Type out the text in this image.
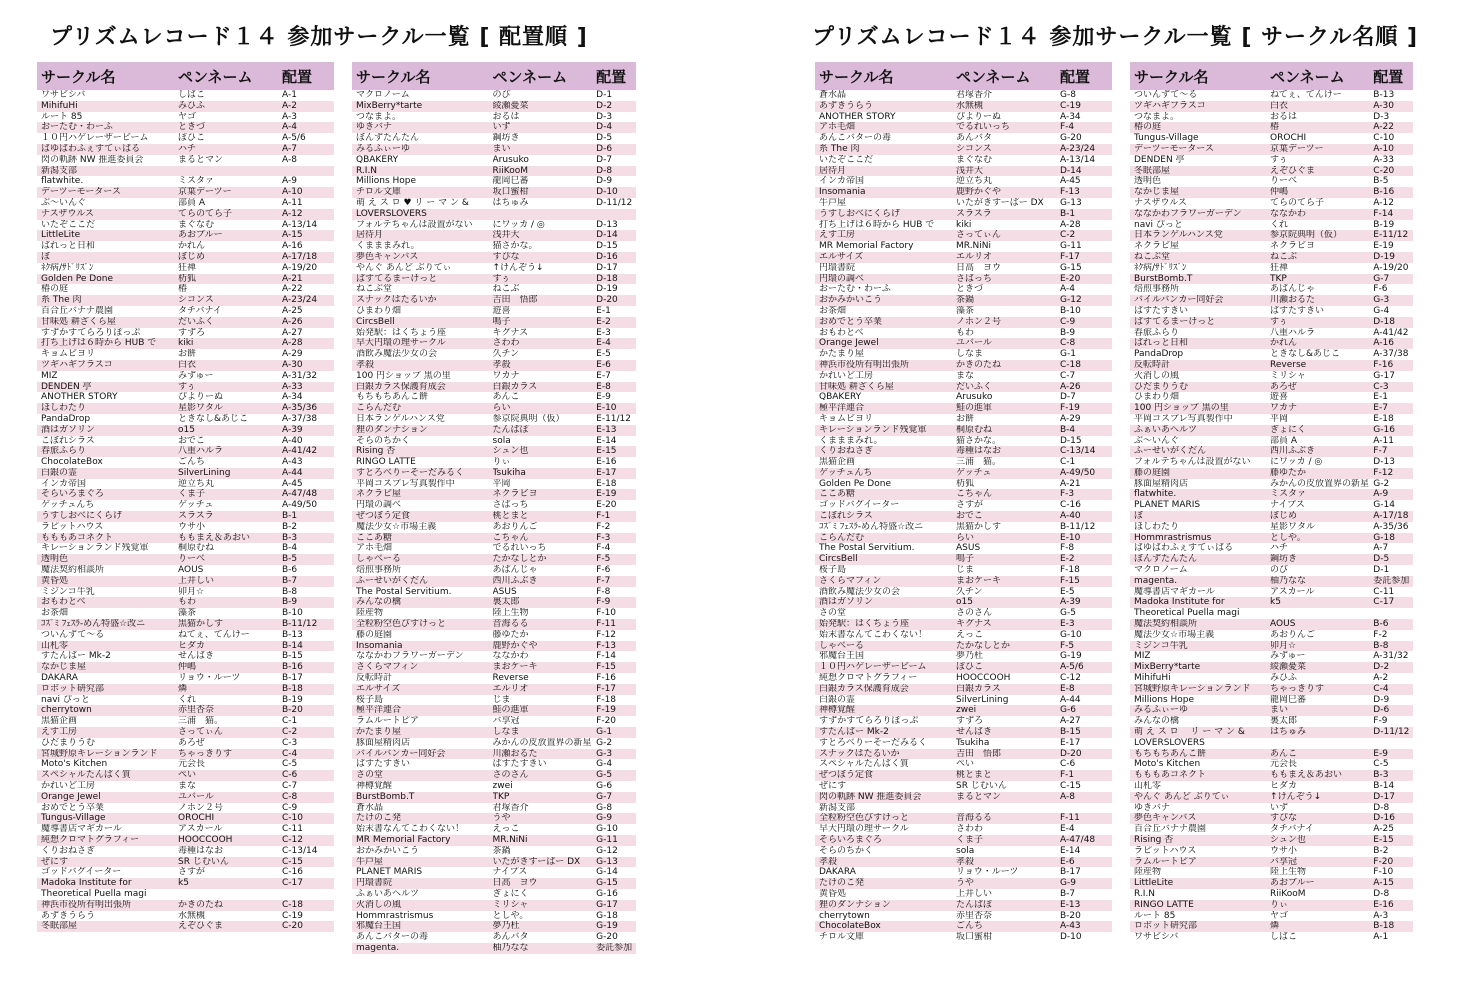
プリズムレコード１４ 参加サークル一覧 [ 配置順 ]	プリズムレコード１４ 参加サークル一覧 [ サークル名順 ]
サークル名	ペンネーム	配置
ワサビシバ	しばこ	A-1
MihifuHi	みひふ	A-2
ルート 85	ヤゴ	A-3
おーたむ・わーふ	ときづ	A-4
１０円ハゲレーザービーム	ぽひこ	A-5/6
ばゆばわふぇすてぃばる	ハチ	A-7
閃の軌跡 NW 推進委員会	まるとマン	A-8
新潟支部
flatwhite.	ミスタァ	A-9
デーツーモータース	京葉デーツー	A-10
ぶ〜いんぐ	部員 A	A-11
ナスザウルス	てらのてら子	A-12
いたぞここだ	まぐなむ	A-13/14
LittleLite	あおブルー	A-15
ぱれっと日和	かれん	A-16
ぼ	ぼじめ	A-17/18
ﾈｸ病/ｻﾄﾞﾘｽﾞﾝ	狂禅	A-19/20
Golden Pe Done	杤狐	A-21
椿の庭	椿	A-22
糸 The 肉	シコンス	A-23/24
百合丘バナナ農園	タチバナイ	A-25
甘味処 耕ざくら屋	だいふく	A-26
すずかすてらろりぽっぷ	すずろ	A-27
打ち上げは６時から HUB で	kiki	A-28
キョムビヨリ	お餅	A-29
ツギハギフラスコ	白衣	A-30
MIZ	みずゅー	A-31/32
DENDEN 亭	すぅ	A-33
ANOTHER STORY	ぴよりーぬ	A-34
ほしわたり	星影ワタル	A-35/36
PandaDrop	ときなし&あじこ	A-37/38
酒はガソリン	o15	A-39
こぼれシラス	おでこ	A-40
春旅ふらり	八重ハルラ	A-41/42
ChocolateBox	ごんち	A-43
白銀の霊	SilverLining	A-44
インカ帝国	逆立ち丸	A-45
そらいろまぐろ	くま子	A-47/48
ゲッチュんち	ゲッチュ	A-49/50
うすしおべにくらげ	スラスラ	B-1
ラピットハウス	ウサ小	B-2
もももあコネクト	ももまえ＆あおい	B-3
キレーションランド残覚軍	桐原むね	B-4
透明色	りーべ	B-5
魔法契約相談所	AOUS	B-6
黄昏処	上井しい	B-7
ミジンコ牛乳	卯月☆	B-8
おもわとべ	もわ	B-9
お茶畑	藻茶	B-10
ｺｽﾞﾐ ﾌｪｽﾗ-めん特盛☆改ニ	黒猫かしす	B-11/12
ついんずて〜る	ねてぇ、てんけー	B-13
山札零	ヒダカ	B-14
すたんぱー Mk-2	せんばき	B-15
なかじま屋	仲嶋	B-16
DAKARA	リョウ・ルーツ	B-17
ロボット研究部	燐	B-18
navi ぴっと	くれ	B-19
cherrytown	赤里杏奈	B-20
黒猫企画	三浦　猫。	C-1
えす工房	さってぃん	C-2
ひだまりうむ	あろぜ	C-3
宮城野原キレーションランド	ちゃっきりす	C-4
Moto's Kitchen	元会長	C-5
スペシャルたんぱく質	ぺい	C-6
かれいど工房	まな	C-7
Orange Jewel	ユバール	C-8
おめでとう卒業	ノホン２号	C-9
Tungus-Village	OROCHI	C-10
魔導書店マギカール	アスカール	C-11
純想クロマトグラフィー	HOOCCOOH	C-12
くりおねさぎ	毒種はなお	C-13/14
ぜにす	SR じむいん	C-15
ゴッドバグイーター	さすが	C-16
Madoka Institute for	k5	C-17
Theoretical Puella magi
神浜市役所有明出張所	かきのたね	C-18
あずきうらう	水無槻	C-19
冬眠部屋	えぞひぐま	C-20
サークル名	ペンネーム	配置
マクロノーム	のび	D-1
MixBerry*tarte	綾瀬憂菜	D-2
つなまよ。	おるは	D-3
ゆきバナ	いず	D-4
ぼんずたんたん	鋼坊き	D-5
みるふぃーゆ	まい	D-6
QBAKERY	Arusuko	D-7
R.I.N	RiiKooM	D-8
Millions Hope	龍岡巳蕃	D-9
チロル文庫	坂口蜜柑	D-10
萌 え ス ロ ♥ リ ー マ ン &	はちゅみ	D-11/12
LOVERSLOVERS
フォルテちゃんは設置がない	にワッカ / ◎	D-13
居待月	浅井大	D-14
くまままみれ。	猫さかな。	D-15
夢色キャンバス	すぴな	D-16
やんぐ あんど ぶりてぃ	↑けんぞう↓	D-17
ぱすてるまーけっと	すぅ	D-18
ねこぶ堂	ねこぶ	D-19
スナックはたるいか	吉田　悟郎	D-20
ひまわり畑	遊喜	E-1
CircsBell	鳴子	E-2
始発駅：はくちょう座	キグナス	E-3
早大円環の理サークル	さわわ	E-4
酒飲み魔法少女の会	久チン	E-5
孝殺	孝殺	E-6
100 円ショップ 黒の里	ワカナ	E-7
白銀カラス保護育成会	白銀カラス	E-8
もちもちあんこ餅	あんこ	E-9
こらんだむ	らい	E-10
日本ランゲルハンス党	参京院典明（仮）	E-11/12
狸のダンナション	たんぱぽ	E-13
そらのちかく	sola	E-14
Rising 杏	シュン也	E-15
RINGO LATTE	りぃ	E-16
すとろべりーそーだみるく	Tsukiha	E-17
平岡コスプレ写真製作中	平岡	E-18
ネクラビ屋	ネクラビヨ	E-19
円環の調べ	さばっち	E-20
ぜつぼう定食	桃とまと	F-1
魔法少女☆市場主義	あおりんご	F-2
ここあ糖	こちゃん	F-3
アホ毛畑	でるれいっち	F-4
しゃべーる	たかなしとか	F-5
焙煎事務所	あぱんじゃ	F-6
ふーせいがくだん	西川ふぶき	F-7
The Postal Servitium.	ASUS	F-8
みんなの檎	裏太郎	F-9
陸産物	陸上生物	F-10
全粒粉空色びすけっと	音海るる	F-11
藤の庭園	藤ゆたか	F-12
Insomania	鹿野かぐや	F-13
ななかわフラワーガーデン	ななかわ	F-14
さくらマフィン	まおケーキ	F-15
反転時計	Reverse	F-16
エルサイズ	エルリオ	F-17
桜子島	じま	F-18
極平洋連合	鮭の進軍	F-19
ラムルートピア	バ享冠	F-20
かたまり屋	しなま	G-1
豚面屋精肉店	みかんの皮放置界の新星 G-2
バイルバンカー同好会	川瀬おるた	G-3
ぱすたすきい	ぱすたすきい	G-4
さの堂	さのさん	G-5
神樽覚醒	zwei	G-6
BurstBomb.T	TKP	G-7
蒼水晶	君塚香介	G-8
たけのこ発	うや	G-9
始末書なんてこわくない！	えっこ	G-10
MR Memorial Factory	MR.NiNi	G-11
おかみかいこう	茶鍋	G-12
牛戸屋	いたがきすーぱー DX	G-13
PLANET MARIS	ナイプス	G-14
円環書院	日高　ヨウ	G-15
ふぁいあヘルツ	ぎょにく	G-16
火消しの風	ミリシャ	G-17
Hommrastrismus	としや。	G-18
邪魔台王国	夢乃杜	G-19
あんこバターの毒	あんバタ	G-20
magenta.	柚乃なな	委託参加
サークル名	ペンネーム	配置
蒼水晶	君塚香介	G-8
あずきうらう	水無槻	C-19
ANOTHER STORY	ぴよりーぬ	A-34
アホ毛畑	でるれいっち	F-4
あんこバターの毒	あんバタ	G-20
糸 The 肉	シコンス	A-23/24
いたぞここだ	まぐなむ	A-13/14
居待月	浅井大	D-14
インカ帝国	逆立ち丸	A-45
Insomania	鹿野かぐや	F-13
牛戸屋	いたがきすーぱー DX	G-13
うすしおべにくらげ	スラスラ	B-1
打ち上げは６時から HUB で	kiki	A-28
えす工房	さってぃん	C-2
MR Memorial Factory	MR.NiNi	G-11
エルサイズ	エルリオ	F-17
円環書院	日高　ヨウ	G-15
円環の調べ	さばっち	E-20
おーたむ・わーふ	ときづ	A-4
おかみかいこう	茶鍋	G-12
お茶畑	藻茶	B-10
おめでとう卒業	ノホン２号	C-9
おもわとべ	もわ	B-9
Orange Jewel	ユバール	C-8
かたまり屋	しなま	G-1
神浜市役所有明出張所	かきのたね	C-18
かれいど工房	まな	C-7
甘味処 耕ざくら屋	だいふく	A-26
QBAKERY	Arusuko	D-7
極平洋連合	鮭の進軍	F-19
キョムビヨリ	お餅	A-29
キレーションランド残覚軍	桐原むね	B-4
くまままみれ。	猫さかな。	D-15
くりおねさぎ	毒種はなお	C-13/14
黒猫企画	三浦　猫。	C-1
ゲッチュんち	ゲッチュ	A-49/50
Golden Pe Done	杤狐	A-21
ここあ糖	こちゃん	F-3
ゴッドバグイーター	さすが	C-16
こぼれシラス	おでこ	A-40
ｺｽﾞﾐ ﾌｪｽﾗ-めん特盛☆改ニ	黒猫かしす	B-11/12
こらんだむ	らい	E-10
The Postal Servitium.	ASUS	F-8
CircsBell	鳴子	E-2
桜子島	じま	F-18
さくらマフィン	まおケーキ	F-15
酒飲み魔法少女の会	久チン	E-5
酒はガソリン	o15	A-39
さの堂	さのさん	G-5
始発駅：はくちょう座	キグナス	E-3
始末書なんてこわくない！	えっこ	G-10
しゃべーる	たかなしとか	F-5
邪魔台王国	夢乃杜	G-19
１０円ハゲレーザービーム	ぽひこ	A-5/6
純想クロマトグラフィー	HOOCCOOH	C-12
白銀カラス保護育成会	白銀カラス	E-8
白銀の霊	SilverLining	A-44
神樽覚醒	zwei	G-6
すずかすてらろりぽっぷ	すずろ	A-27
すたんぱー Mk-2	せんばき	B-15
すとろべりーそーだみるく	Tsukiha	E-17
スナックはたるいか	吉田　悟郎	D-20
スペシャルたんぱく質	ぺい	C-6
ぜつぼう定食	桃とまと	F-1
ぜにす	SR じむいん	C-15
閃の軌跡 NW 推進委員会	まるとマン	A-8
新潟支部
全粒粉空色びすけっと	音海るる	F-11
早大円環の理サークル	さわわ	E-4
そらいろまぐろ	くま子	A-47/48
そらのちかく	sola	E-14
孝殺	孝殺	E-6
DAKARA	リョウ・ルーツ	B-17
たけのこ発	うや	G-9
黄昏処	上井しい	B-7
狸のダンナション	たんぱぽ	E-13
cherrytown	赤里杏奈	B-20
ChocolateBox	ごんち	A-43
チロル文庫	坂口蜜柑	D-10
サークル名	ペンネーム	配置
ついんずて〜る	ねてぇ、てんけー	B-13
ツギハギフラスコ	白衣	A-30
つなまよ。	おるは	D-3
椿の庭	椿	A-22
Tungus-Village	OROCHI	C-10
デーツーモータース	京葉デーツー	A-10
DENDEN 亭	すぅ	A-33
冬眠部屋	えぞひぐま	C-20
透明色	りーべ	B-5
なかじま屋	仲嶋	B-16
ナスザウルス	てらのてら子	A-12
ななかわフラワーガーデン	ななかわ	F-14
navi ぴっと	くれ	B-19
日本ランゲルハンス党	参京院典明（仮）	E-11/12
ネクラビ屋	ネクラビヨ	E-19
ねこぶ堂	ねこぶ	D-19
ﾈｸ病/ｻﾄﾞﾘｽﾞﾝ	狂禅	A-19/20
BurstBomb.T	TKP	G-7
焙煎事務所	あぱんじゃ	F-6
バイルバンカー同好会	川瀬おるた	G-3
ぱすたすきい	ぱすたすきい	G-4
ぱすてるまーけっと	すぅ	D-18
春旅ふらり	八重ハルラ	A-41/42
ぱれっと日和	かれん	A-16
PandaDrop	ときなし&あじこ	A-37/38
反転時計	Reverse	F-16
火消しの風	ミリシャ	G-17
ひだまりうむ	あろぜ	C-3
ひまわり畑	遊喜	E-1
100 円ショップ 黒の里	ワカナ	E-7
平岡コスプレ写真製作中	平岡	E-18
ふぁいあヘルツ	ぎょにく	G-16
ぶ〜いんぐ	部員 A	A-11
ふーせいがくだん	西川ふぶき	F-7
フォルテちゃんは設置がない	にワッカ / ◎	D-13
藤の庭園	藤ゆたか	F-12
豚面屋精肉店	みかんの皮放置界の新星 G-2
flatwhite.	ミスタァ	A-9
PLANET MARIS	ナイプス	G-14
ぼ	ぼじめ	A-17/18
ほしわたり	星影ワタル	A-35/36
Hommrastrismus	としや。	G-18
ばゆばわふぇすてぃばる	ハチ	A-7
ぼんずたんたん	鋼坊き	D-5
マクロノーム	のび	D-1
magenta.	柚乃なな	委託参加
魔導書店マギカール	アスカール	C-11
Madoka Institute for	k5	C-17
Theoretical Puella magi
魔法契約相談所	AOUS	B-6
魔法少女☆市場主義	あおりんご	F-2
ミジンコ牛乳	卯月☆	B-8
MIZ	みずゅー	A-31/32
MixBerry*tarte	綾瀬憂菜	D-2
MihifuHi	みひふ	A-2
宮城野原キレーションランド	ちゃっきりす	C-4
Millions Hope	龍岡巳蕃	D-9
みるふぃーゆ	まい	D-6
みんなの檎	裏太郎	F-9
萌 え ス ロ　 リ ー マ ン &	はちゅみ	D-11/12
LOVERSLOVERS
もちもちあんこ餅	あんこ	E-9
Moto's Kitchen	元会長	C-5
もももあコネクト	ももまえ＆あおい	B-3
山札零	ヒダカ	B-14
やんぐ あんど ぶりてぃ	↑けんぞう↓	D-17
ゆきバナ	いず	D-8
夢色キャンバス	すぴな	D-16
百合丘バナナ農園	タチバナイ	A-25
Rising 杏	シュン也	E-15
ラピットハウス	ウサ小	B-2
ラムルートピア	バ享冠	F-20
陸産物	陸上生物	F-10
LittleLite	あおブルー	A-15
R.I.N	RiiKooM	D-8
RINGO LATTE	りぃ	E-16
ルート 85	ヤゴ	A-3
ロボット研究部	燐	B-18
ワサビシバ	しばこ	A-1
